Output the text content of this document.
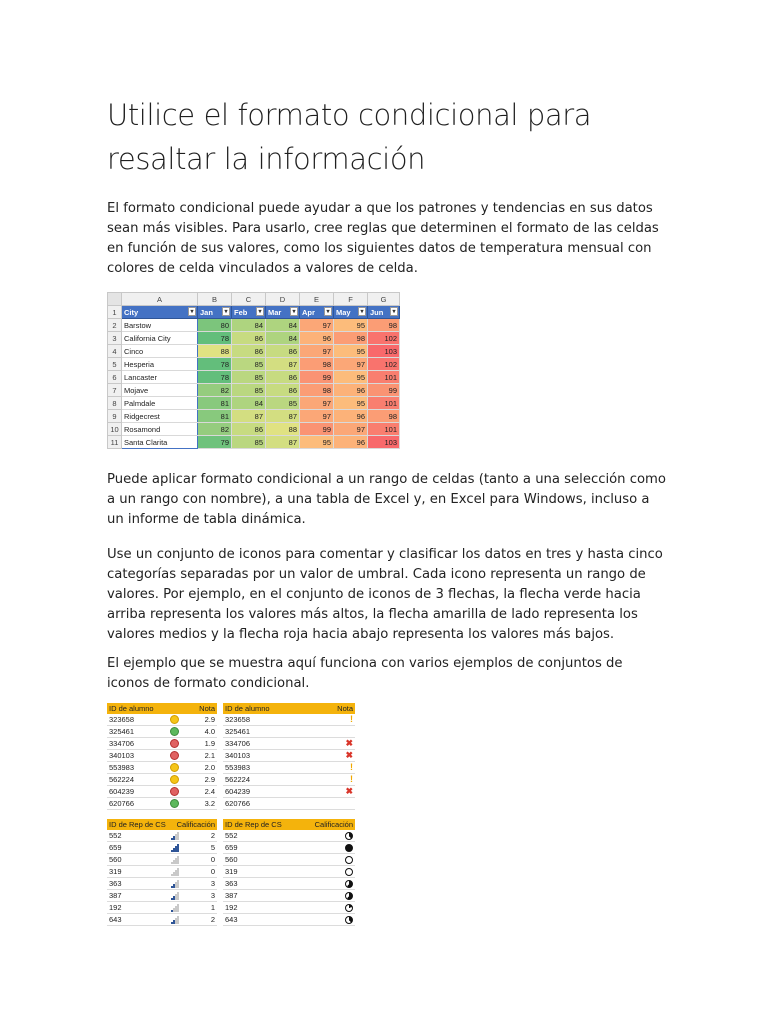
Utilice el formato condicional para resaltar la información

El formato condicional puede ayudar a que los patrones y tendencias en sus datos sean más visibles. Para usarlo, cree reglas que determinen el formato de las celdas en función de sus valores, como los siguientes datos de temperatura mensual con colores de celda vinculados a valores de celda.

	A	B	C	D	E	F	G
1	City ▾	Jan ▾	Feb ▾	Mar ▾	Apr ▾	May ▾	Jun ▾

2	Barstow	80	84	84	97	95	98
3	California City	78	86	84	96	98	102
4	Cinco	88	86	86	97	95	103
5	Hesperia	78	85	87	98	97	102
6	Lancaster	78	85	86	99	95	101
7	Mojave	82	85	86	98	96	99
8	Palmdale	81	84	85	97	95	101
9	Ridgecrest	81	87	87	97	96	98
10	Rosamond	82	86	88	99	97	101
11	Santa Clarita	79	85	87	95	96	103

Puede aplicar formato condicional a un rango de celdas (tanto a una selección como a un rango con nombre), a una tabla de Excel y, en Excel para Windows, incluso a un informe de tabla dinámica.

Use un conjunto de iconos para comentar y clasificar los datos en tres y hasta cinco categorías separadas por un valor de umbral. Cada icono representa un rango de valores. Por ejemplo, en el conjunto de iconos de 3 flechas, la flecha verde hacia arriba representa los valores más altos, la flecha amarilla de lado representa los valores medios y la flecha roja hacia abajo representa los valores más bajos.

El ejemplo que se muestra aquí funciona con varios ejemplos de conjuntos de iconos de formato condicional.

ID de alumno	Nota			ID de alumno	Nota
323658		2.9		323658	!
325461		4.0		325461	
334706		1.9		334706	✖
340103		2.1		340103	✖
553983		2.0		553983	!
562224		2.9		562224	!
604239		2.4		604239	✖
620766		3.2		620766	

ID de Rep de CS	Calificación			ID de Rep de CS	Calificación
552		2		552	
659		5		659	
560		0		560	
319		0		319	
363		3		363	
387		3		387	
192		1		192	
643		2		643	
